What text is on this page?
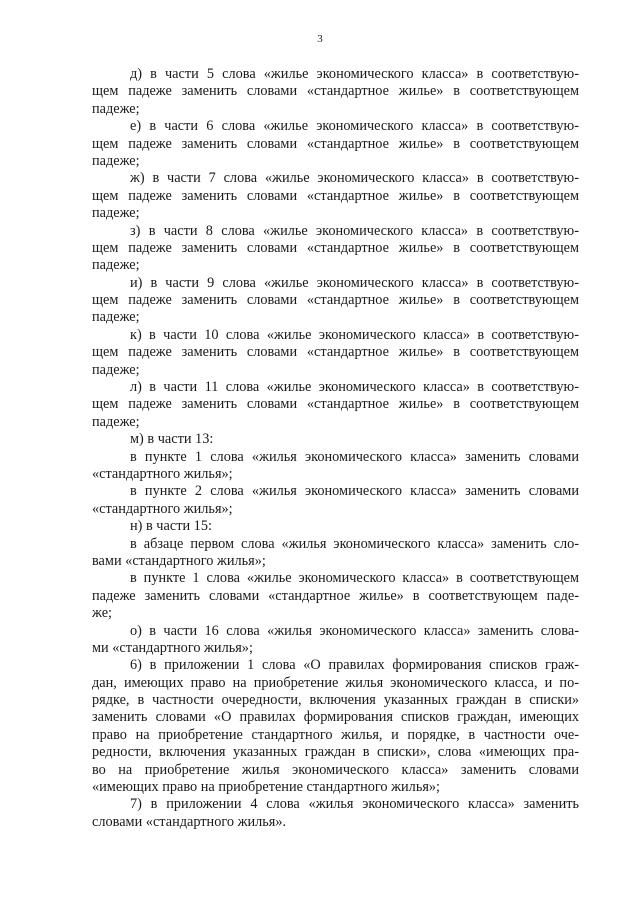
3
д) в части 5 слова «жилье экономического класса» в соответствую-
щем падеже заменить словами «стандартное жилье» в соответствующем
падеже;
е) в части 6 слова «жилье экономического класса» в соответствую-
щем падеже заменить словами «стандартное жилье» в соответствующем
падеже;
ж) в части 7 слова «жилье экономического класса» в соответствую-
щем падеже заменить словами «стандартное жилье» в соответствующем
падеже;
з) в части 8 слова «жилье экономического класса» в соответствую-
щем падеже заменить словами «стандартное жилье» в соответствующем
падеже;
и) в части 9 слова «жилье экономического класса» в соответствую-
щем падеже заменить словами «стандартное жилье» в соответствующем
падеже;
к) в части 10 слова «жилье экономического класса» в соответствую-
щем падеже заменить словами «стандартное жилье» в соответствующем
падеже;
л) в части 11 слова «жилье экономического класса» в соответствую-
щем падеже заменить словами «стандартное жилье» в соответствующем
падеже;
м) в части 13:
в пункте 1 слова «жилья экономического класса» заменить словами
«стандартного жилья»;
в пункте 2 слова «жилья экономического класса» заменить словами
«стандартного жилья»;
н) в части 15:
в абзаце первом слова «жилья экономического класса» заменить сло-
вами «стандартного жилья»;
в пункте 1 слова «жилье экономического класса» в соответствующем
падеже заменить словами «стандартное жилье» в соответствующем паде-
же;
о) в части 16 слова «жилья экономического класса» заменить слова-
ми «стандартного жилья»;
6) в приложении 1 слова «О правилах формирования списков граж-
дан, имеющих право на приобретение жилья экономического класса, и по-
рядке, в частности очередности, включения указанных граждан в списки»
заменить словами «О правилах формирования списков граждан, имеющих
право на приобретение стандартного жилья, и порядке, в частности оче-
редности, включения указанных граждан в списки», слова «имеющих пра-
во на приобретение жилья экономического класса» заменить словами
«имеющих право на приобретение стандартного жилья»;
7) в приложении 4 слова «жилья экономического класса» заменить
словами «стандартного жилья».
